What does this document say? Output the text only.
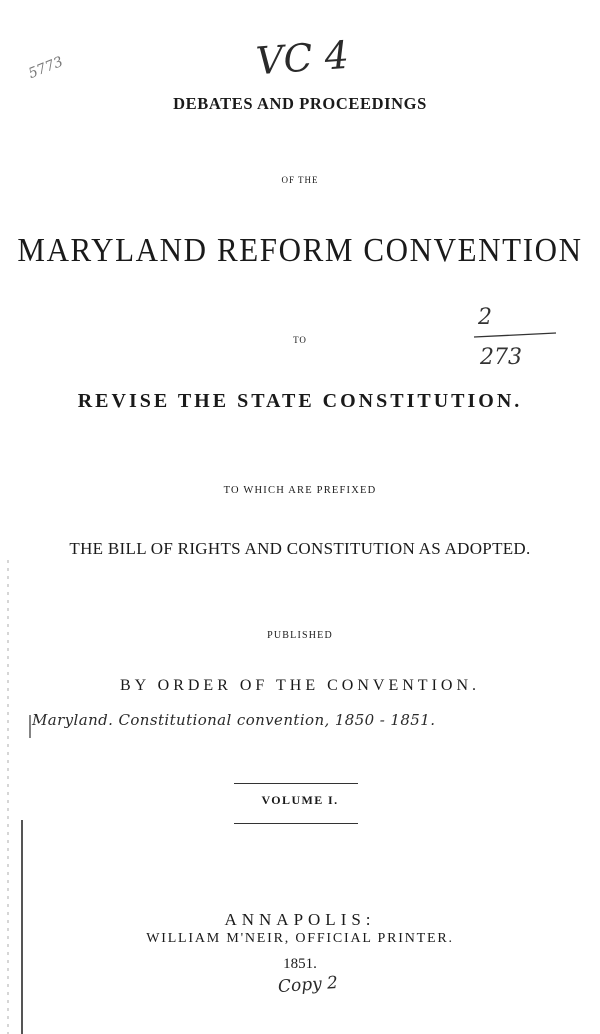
VC 4
5773
DEBATES AND PROCEEDINGS
OF THE
MARYLAND REFORM CONVENTION
TO
2
273
REVISE THE STATE CONSTITUTION.
TO WHICH ARE PREFIXED
THE BILL OF RIGHTS AND CONSTITUTION AS ADOPTED.
PUBLISHED
BY ORDER OF THE CONVENTION.
Maryland. Constitutional convention, 1850 - 1851.
VOLUME I.
ANNAPOLIS:
WILLIAM M'NEIR, OFFICIAL PRINTER.
1851.
Copy 2
